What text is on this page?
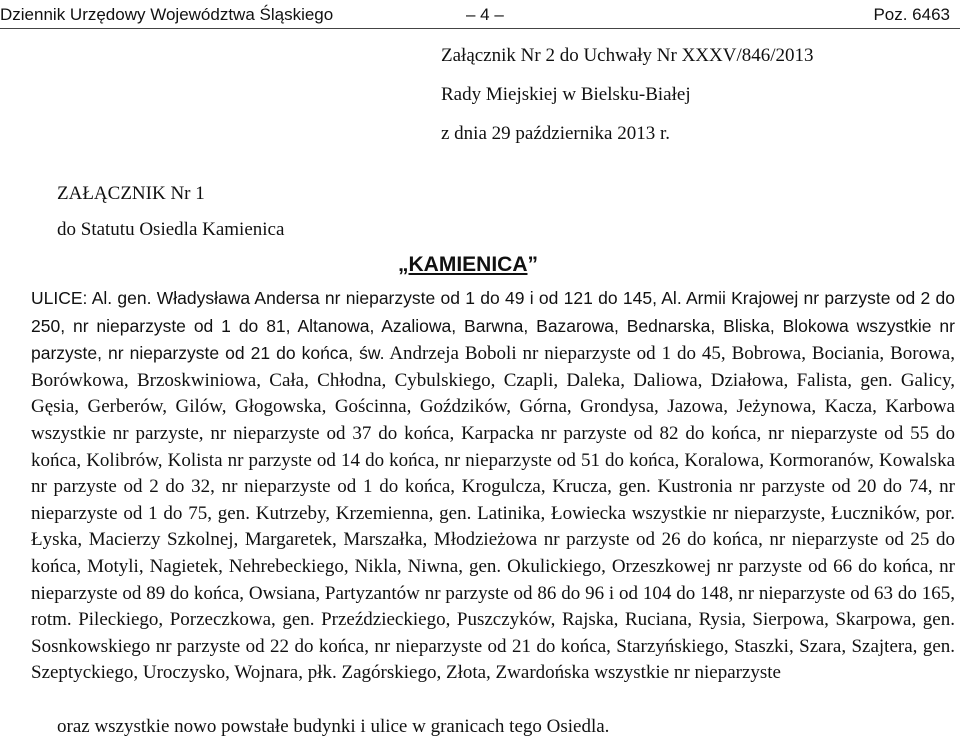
Dziennik Urzędowy Województwa Śląskiego	– 4 –	Poz. 6463
Załącznik Nr 2 do Uchwały Nr XXXV/846/2013
Rady Miejskiej w Bielsku-Białej
z dnia 29 października 2013 r.
ZAŁĄCZNIK Nr 1
do Statutu Osiedla Kamienica
„KAMIENICA”

ULICE: Al. gen. Władysława Andersa nr nieparzyste od 1 do 49 i od 121 do 145, Al. Armii Krajowej nr parzyste od 2 do 250, nr nieparzyste od 1 do 81, Altanowa, Azaliowa, Barwna, Bazarowa, Bednarska, Bliska, Blokowa wszystkie nr parzyste, nr nieparzyste od 21 do końca, św. Andrzeja Boboli nr nieparzyste od 1 do 45, Bobrowa, Bociania, Borowa, Borówkowa, Brzoskwiniowa, Cała, Chłodna, Cybulskiego, Czapli, Daleka, Daliowa, Działowa, Falista, gen. Galicy, Gęsia, Gerberów, Gilów, Głogowska, Gościnna, Goździków, Górna, Grondysa, Jazowa, Jeżynowa, Kacza, Karbowa wszystkie nr parzyste, nr nieparzyste od 37 do końca, Karpacka nr parzyste od 82 do końca, nr nieparzyste od 55 do końca, Kolibrów, Kolista nr parzyste od 14 do końca, nr nieparzyste od 51 do końca, Koralowa, Kormoranów, Kowalska nr parzyste od 2 do 32, nr nieparzyste od 1 do końca, Krogulcza, Krucza, gen. Kustronia nr parzyste od 20 do 74, nr nieparzyste od 1 do 75, gen. Kutrzeby, Krzemienna, gen. Latinika, Łowiecka wszystkie nr nieparzyste, Łuczników, por. Łyska, Macierzy Szkolnej, Margaretek, Marszałka, Młodzieżowa nr parzyste od 26 do końca, nr nieparzyste od 25 do końca, Motyli, Nagietek, Nehrebeckiego, Nikla, Niwna, gen. Okulickiego, Orzeszkowej nr parzyste od 66 do końca, nr nieparzyste od 89 do końca, Owsiana, Partyzantów nr parzyste od 86 do 96 i od 104 do 148, nr nieparzyste od 63 do 165, rotm. Pileckiego, Porzeczkowa, gen. Przeździeckiego, Puszczyków, Rajska, Ruciana, Rysia, Sierpowa, Skarpowa, gen. Sosnkowskiego nr parzyste od 22 do końca, nr nieparzyste od 21 do końca, Starzyńskiego, Staszki, Szara, Szajtera, gen. Szeptyckiego, Uroczysko, Wojnara, płk. Zagórskiego, Złota, Zwardońska wszystkie nr nieparzyste

oraz wszystkie nowo powstałe budynki i ulice w granicach tego Osiedla.
